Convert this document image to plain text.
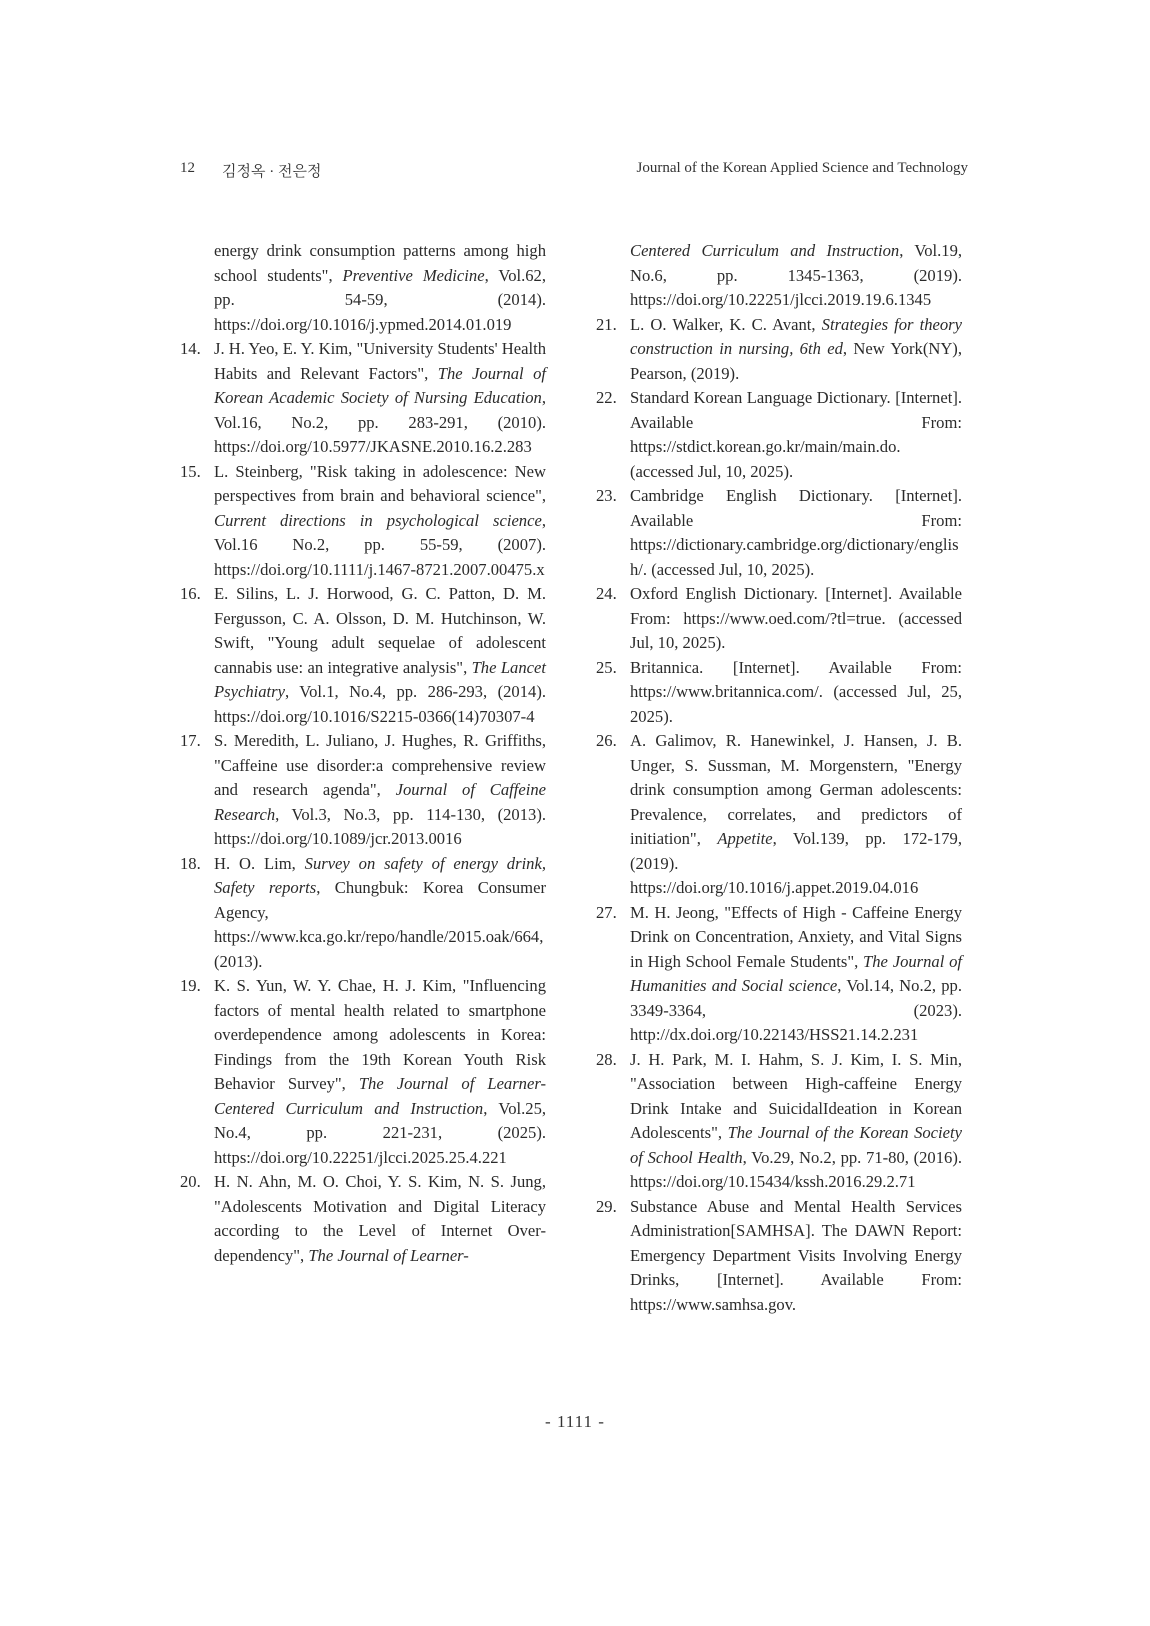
12 김정옥 · 전은정	Journal of the Korean Applied Science and Technology
energy drink consumption patterns among high school students", Preventive Medicine, Vol.62, pp. 54-59, (2014). https://doi.org/10.1016/j.ypmed.2014.01.019
14. J. H. Yeo, E. Y. Kim, "University Students' Health Habits and Relevant Factors", The Journal of Korean Academic Society of Nursing Education, Vol.16, No.2, pp. 283-291, (2010). https://doi.org/10.5977/JKASNE.2010.16.2.283
15. L. Steinberg, "Risk taking in adolescence: New perspectives from brain and behavioral science", Current directions in psychological science, Vol.16 No.2, pp. 55-59, (2007). https://doi.org/10.1111/j.1467-8721.2007.00475.x
16. E. Silins, L. J. Horwood, G. C. Patton, D. M. Fergusson, C. A. Olsson, D. M. Hutchinson, W. Swift, "Young adult sequelae of adolescent cannabis use: an integrative analysis", The Lancet Psychiatry, Vol.1, No.4, pp. 286-293, (2014). https://doi.org/10.1016/S2215-0366(14)70307-4
17. S. Meredith, L. Juliano, J. Hughes, R. Griffiths, "Caffeine use disorder:a comprehensive review and research agenda", Journal of Caffeine Research, Vol.3, No.3, pp. 114-130, (2013). https://doi.org/10.1089/jcr.2013.0016
18. H. O. Lim, Survey on safety of energy drink, Safety reports, Chungbuk: Korea Consumer Agency, https://www.kca.go.kr/repo/handle/2015.oak/664, (2013).
19. K. S. Yun, W. Y. Chae, H. J. Kim, "Influencing factors of mental health related to smartphone overdependence among adolescents in Korea: Findings from the 19th Korean Youth Risk Behavior Survey", The Journal of Learner-Centered Curriculum and Instruction, Vol.25, No.4, pp. 221-231, (2025). https://doi.org/10.22251/jlcci.2025.25.4.221
20. H. N. Ahn, M. O. Choi, Y. S. Kim, N. S. Jung, "Adolescents Motivation and Digital Literacy according to the Level of Internet Over-dependency", The Journal of Learner-
Centered Curriculum and Instruction, Vol.19, No.6, pp. 1345-1363, (2019). https://doi.org/10.22251/jlcci.2019.19.6.1345
21. L. O. Walker, K. C. Avant, Strategies for theory construction in nursing, 6th ed, New York(NY), Pearson, (2019).
22. Standard Korean Language Dictionary. [Internet]. Available From: https://stdict.korean.go.kr/main/main.do. (accessed Jul, 10, 2025).
23. Cambridge English Dictionary. [Internet]. Available From: https://dictionary.cambridge.org/dictionary/english/. (accessed Jul, 10, 2025).
24. Oxford English Dictionary. [Internet]. Available From: https://www.oed.com/?tl=true. (accessed Jul, 10, 2025).
25. Britannica. [Internet]. Available From: https://www.britannica.com/. (accessed Jul, 25, 2025).
26. A. Galimov, R. Hanewinkel, J. Hansen, J. B. Unger, S. Sussman, M. Morgenstern, "Energy drink consumption among German adolescents: Prevalence, correlates, and predictors of initiation", Appetite, Vol.139, pp. 172-179, (2019). https://doi.org/10.1016/j.appet.2019.04.016
27. M. H. Jeong, "Effects of High - Caffeine Energy Drink on Concentration, Anxiety, and Vital Signs in High School Female Students", The Journal of Humanities and Social science, Vol.14, No.2, pp. 3349-3364, (2023). http://dx.doi.org/10.22143/HSS21.14.2.231
28. J. H. Park, M. I. Hahm, S. J. Kim, I. S. Min, "Association between High-caffeine Energy Drink Intake and SuicidalIdeation in Korean Adolescents", The Journal of the Korean Society of School Health, Vo.29, No.2, pp. 71-80, (2016). https://doi.org/10.15434/kssh.2016.29.2.71
29. Substance Abuse and Mental Health Services Administration[SAMHSA]. The DAWN Report: Emergency Department Visits Involving Energy Drinks, [Internet]. Available From: https://www.samhsa.gov.
- 1111 -
